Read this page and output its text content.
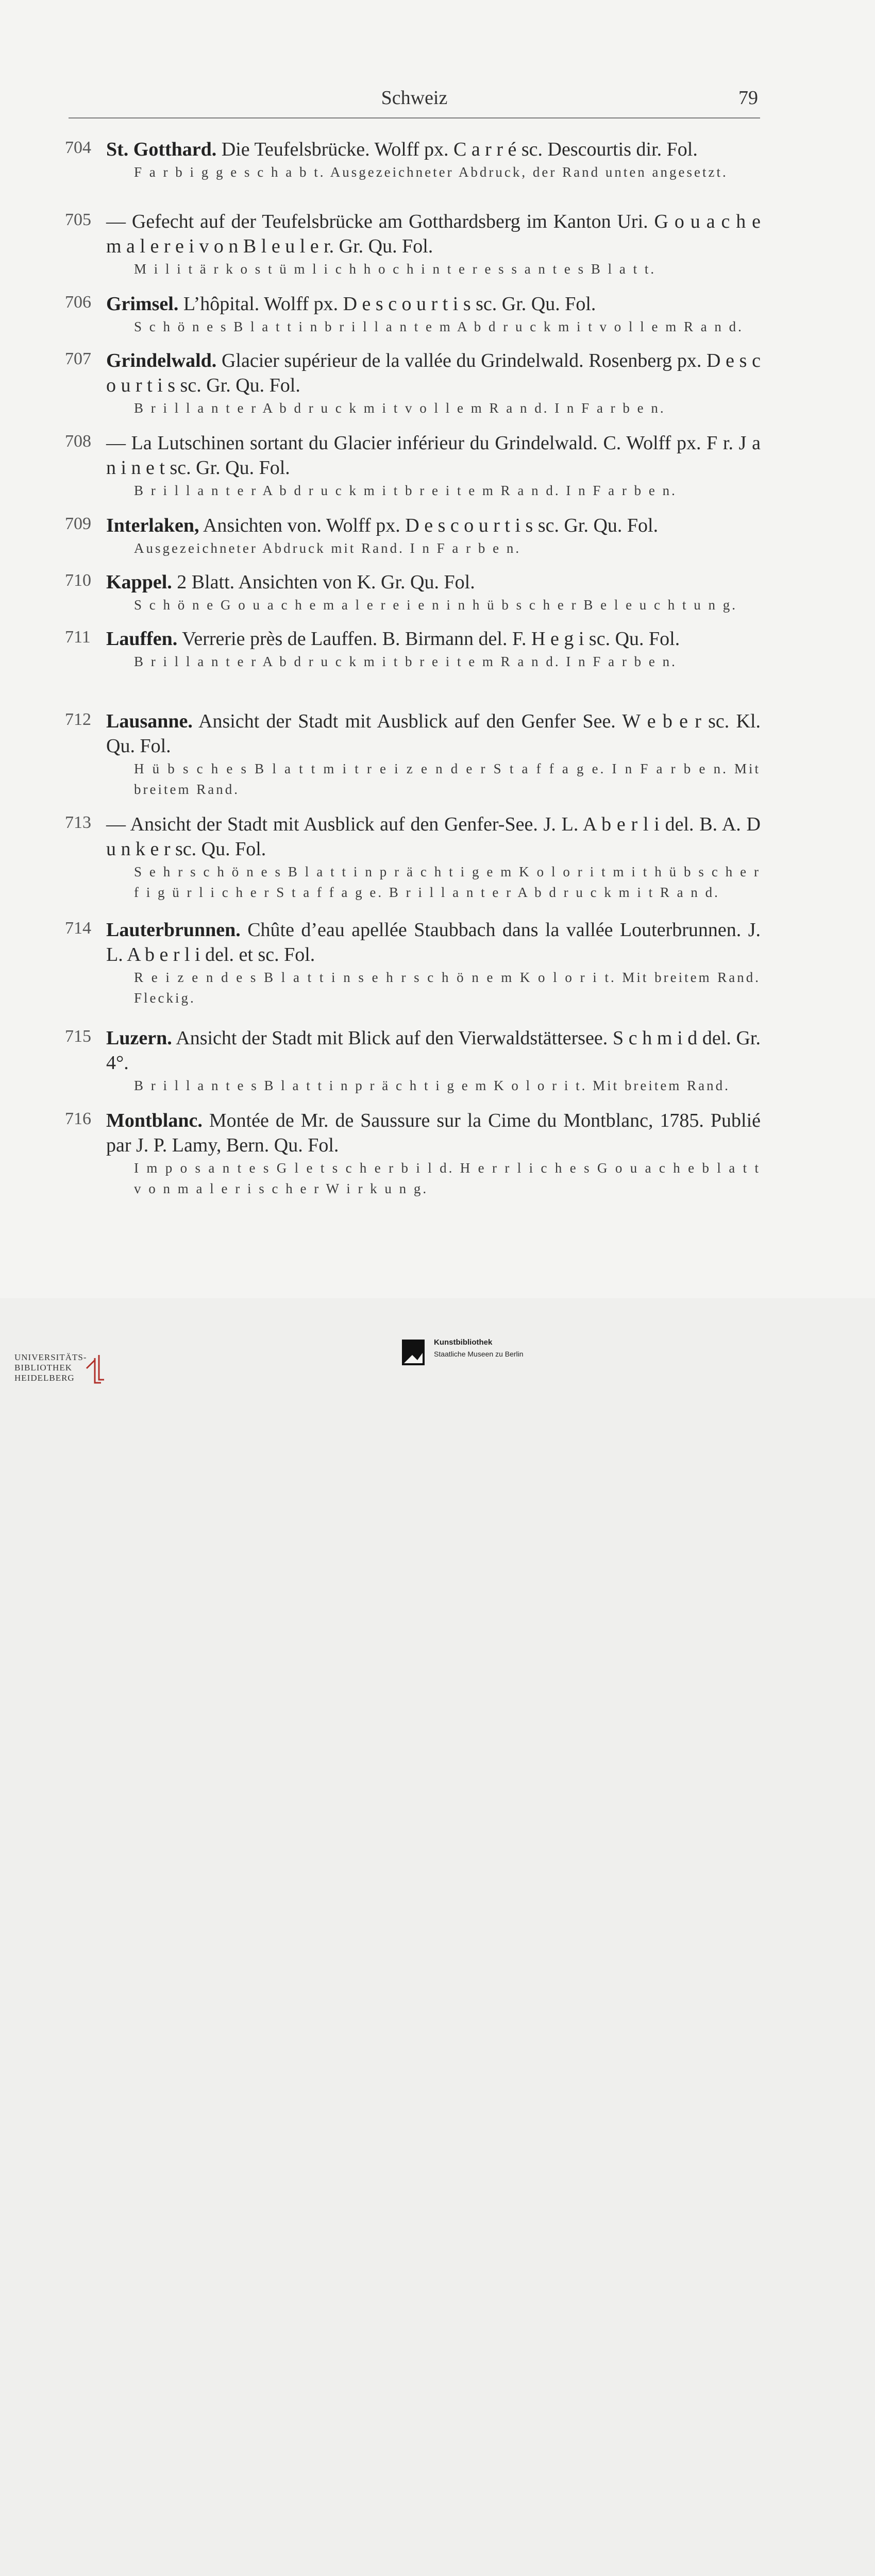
Schweiz	79
704 St. Gotthard. Die Teufelsbrücke. Wolff px. C a r r é sc. Descourtis dir. Fol.
F a r b i g g e s c h a b t. Ausgezeichneter Abdruck, der Rand unten angesetzt.
705 — Gefecht auf der Teufelsbrücke am Gotthardsberg im Kanton Uri. G o u a c h e m a l e r e i v o n B l e u l e r. Gr. Qu. Fol.
M i l i t ä r k o s t ü m l i c h h o c h i n t e r e s s a n t e s B l a t t.
706 Grimsel. L’hôpital. Wolff px. D e s c o u r t i s sc. Gr. Qu. Fol.
S c h ö n e s B l a t t i n b r i l l a n t e m A b d r u c k m i t v o l l e m R a n d.
707 Grindelwald. Glacier supérieur de la vallée du Grindelwald. Rosenberg px. D e s c o u r t i s sc. Gr. Qu. Fol.
B r i l l a n t e r A b d r u c k m i t v o l l e m R a n d. I n F a r b e n.
708 — La Lutschinen sortant du Glacier inférieur du Grindelwald. C. Wolff px. F r. J a n i n e t sc. Gr. Qu. Fol.
B r i l l a n t e r A b d r u c k m i t b r e i t e m R a n d. I n F a r b e n.
709 Interlaken, Ansichten von. Wolff px. D e s c o u r t i s sc. Gr. Qu. Fol.
Ausgezeichneter Abdruck mit Rand. I n F a r b e n.
710 Kappel. 2 Blatt. Ansichten von K. Gr. Qu. Fol.
S c h ö n e G o u a c h e m a l e r e i e n i n h ü b s c h e r B e l e u c h t u n g.
711 Lauffen. Verrerie près de Lauffen. B. Birmann del. F. H e g i sc. Qu. Fol.
B r i l l a n t e r A b d r u c k m i t b r e i t e m R a n d. I n F a r b e n.
712 Lausanne. Ansicht der Stadt mit Ausblick auf den Genfer See. W e b e r sc. Kl. Qu. Fol.
H ü b s c h e s B l a t t m i t r e i z e n d e r S t a f f a g e. I n F a r b e n. Mit breitem Rand.
713 — Ansicht der Stadt mit Ausblick auf den Genfer-See. J. L. A b e r l i del. B. A. D u n k e r sc. Qu. Fol.
S e h r s c h ö n e s B l a t t i n p r ä c h t i g e m K o l o r i t m i t h ü b s c h e r f i g ü r l i c h e r S t a f f a g e. B r i l l a n t e r A b d r u c k m i t R a n d.
714 Lauterbrunnen. Chûte d’eau apellée Staubbach dans la vallée Louterbrunnen. J. L. A b e r l i del. et sc. Fol.
R e i z e n d e s B l a t t i n s e h r s c h ö n e m K o l o r i t. Mit breitem Rand. Fleckig.
715 Luzern. Ansicht der Stadt mit Blick auf den Vierwaldstättersee. S c h m i d del. Gr. 4°.
B r i l l a n t e s B l a t t i n p r ä c h t i g e m K o l o r i t. Mit breitem Rand.
716 Montblanc. Montée de Mr. de Saussure sur la Cime du Montblanc, 1785. Publié par J. P. Lamy, Bern. Qu. Fol.
I m p o s a n t e s G l e t s c h e r b i l d. H e r r l i c h e s G o u a c h e b l a t t v o n m a l e r i s c h e r W i r k u n g.
UNIVERSITÄTS-
BIBLIOTHEK
HEIDELBERG
Kunstbibliothek
Staatliche Museen zu Berlin
